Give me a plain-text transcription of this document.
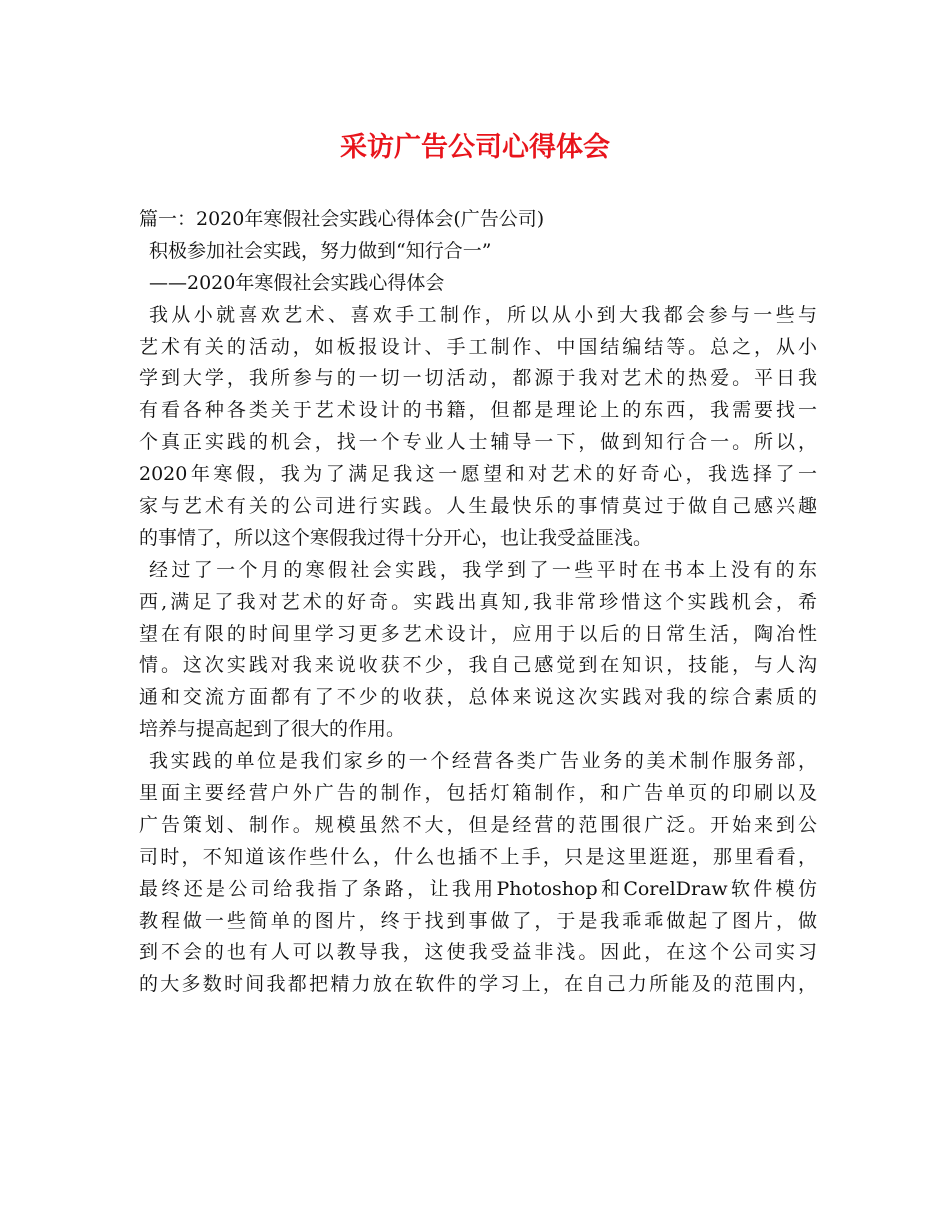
采访广告公司心得体会
篇一：2020年寒假社会实践心得体会(广告公司)
积极参加社会实践，努力做到“知行合一”
——2020年寒假社会实践心得体会
我从小就喜欢艺术、喜欢手工制作，所以从小到大我都会参与一些与
艺术有关的活动，如板报设计、手工制作、中国结编结等。总之，从小
学到大学，我所参与的一切一切活动，都源于我对艺术的热爱。平日我
有看各种各类关于艺术设计的书籍，但都是理论上的东西，我需要找一
个真正实践的机会，找一个专业人士辅导一下，做到知行合一。所以，
2020年寒假，我为了满足我这一愿望和对艺术的好奇心，我选择了一
家与艺术有关的公司进行实践。人生最快乐的事情莫过于做自己感兴趣
的事情了，所以这个寒假我过得十分开心，也让我受益匪浅。
经过了一个月的寒假社会实践，我学到了一些平时在书本上没有的东
西,满足了我对艺术的好奇。实践出真知,我非常珍惜这个实践机会，希
望在有限的时间里学习更多艺术设计，应用于以后的日常生活，陶冶性
情。这次实践对我来说收获不少，我自己感觉到在知识，技能，与人沟
通和交流方面都有了不少的收获，总体来说这次实践对我的综合素质的
培养与提高起到了很大的作用。
我实践的单位是我们家乡的一个经营各类广告业务的美术制作服务部，
里面主要经营户外广告的制作，包括灯箱制作，和广告单页的印刷以及
广告策划、制作。规模虽然不大，但是经营的范围很广泛。开始来到公
司时，不知道该作些什么，什么也插不上手，只是这里逛逛，那里看看，
最终还是公司给我指了条路，让我用Photoshop和CorelDraw软件模仿
教程做一些简单的图片，终于找到事做了，于是我乖乖做起了图片，做
到不会的也有人可以教导我，这使我受益非浅。因此，在这个公司实习
的大多数时间我都把精力放在软件的学习上，在自己力所能及的范围内，
